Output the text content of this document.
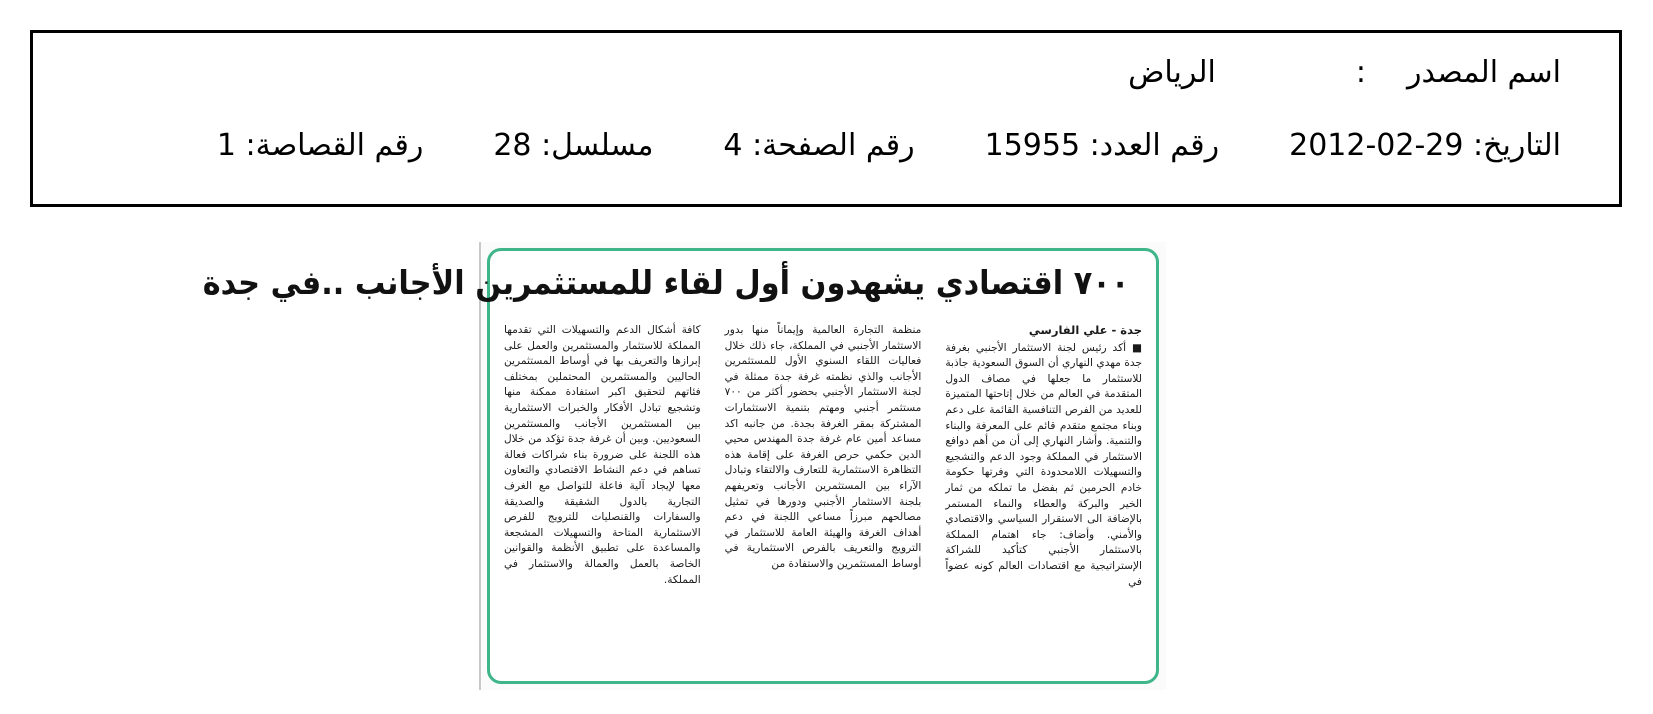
اسم المصدر
:
الرياض
التاريخ: 2012-02-29
رقم العدد: 15955
رقم الصفحة: 4
مسلسل: 28
رقم القصاصة: 1
٧٠٠ اقتصادي يشهدون أول لقاء للمستثمرين الأجانب ..في جدة
جدة - علي الفارسي

■ أكد رئيس لجنة الاستثمار الأجنبي بغرفة جدة مهدي النهاري أن السوق السعودية جاذبة للاستثمار ما جعلها في مصاف الدول المتقدمة في العالم من خلال إتاحتها المتميزة للعديد من الفرص التنافسية القائمة على دعم وبناء مجتمع متقدم قائم على المعرفة والبناء والتنمية. وأشار النهاري إلى أن من أهم دوافع الاستثمار في المملكة وجود الدعم والتشجيع والتسهيلات اللامحدودة التي وفرتها حكومة خادم الحرمين ثم بفضل ما تملكه من ثمار الخير والبركة والعطاء والنماء المستمر بالإضافة الى الاستقرار السياسي والاقتصادي والأمني. وأضاف: جاء اهتمام المملكة بالاستثمار الأجنبي كتأكيد للشراكة الإستراتيجية مع اقتصادات العالم كونه عضواً في

منظمة التجارة العالمية وإيماناً منها بدور الاستثمار الأجنبي في المملكة، جاء ذلك خلال فعاليات اللقاء السنوي الأول للمستثمرين الأجانب والذي نظمته غرفة جدة ممثلة في لجنة الاستثمار الأجنبي بحضور أكثر من ٧٠٠ مستثمر أجنبي ومهتم بتنمية الاستثمارات المشتركة بمقر الغرفة بجدة. من جانبه اكد مساعد أمين عام غرفة جدة المهندس محيي الدين حكمي حرص الغرفة على إقامة هذه التظاهرة الاستثمارية للتعارف والالتقاء وتبادل الآراء بين المستثمرين الأجانب وتعريفهم بلجنة الاستثمار الأجنبي ودورها في تمثيل مصالحهم مبرزاً مساعي اللجنة في دعم أهداف الغرفة والهيئة العامة للاستثمار في الترويج والتعريف بالفرص الاستثمارية في أوساط المستثمرين والاستفادة من

كافة أشكال الدعم والتسهيلات التي تقدمها المملكة للاستثمار والمستثمرين والعمل على إبرازها والتعريف بها في أوساط المستثمرين الحاليين والمستثمرين المحتملين بمختلف فئاتهم لتحقيق اكبر استفادة ممكنة منها وتشجيع تبادل الأفكار والخبرات الاستثمارية بين المستثمرين الأجانب والمستثمرين السعوديين. وبين أن غرفة جدة تؤكد من خلال هذه اللجنة على ضرورة بناء شراكات فعالة تساهم في دعم النشاط الاقتصادي والتعاون معها لإيجاد آلية فاعلة للتواصل مع الغرف التجارية بالدول الشقيقة والصديقة والسفارات والقنصليات للترويج للفرص الاستثمارية المتاحة والتسهيلات المشجعة والمساعدة على تطبيق الأنظمة والقوانين الخاصة بالعمل والعمالة والاستثمار في المملكة.
